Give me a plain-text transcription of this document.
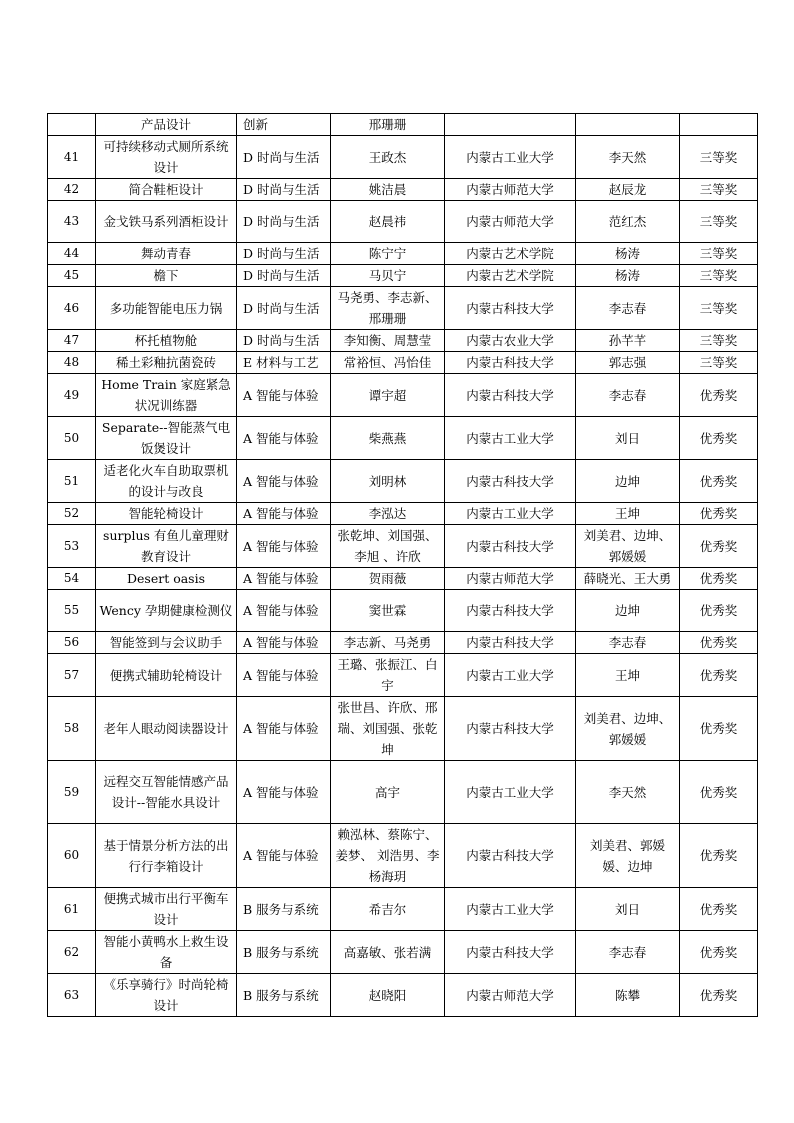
	产品设计	创新	邢珊珊			
41	可持续移动式厕所系统设计	D 时尚与生活	王政杰	内蒙古工业大学	李天然	三等奖
42	简合鞋柜设计	D 时尚与生活	姚洁晨	内蒙古师范大学	赵辰龙	三等奖
43	金戈铁马系列酒柜设计	D 时尚与生活	赵晨祎	内蒙古师范大学	范红杰	三等奖
44	舞动青春	D 时尚与生活	陈宁宁	内蒙古艺术学院	杨涛	三等奖
45	檐下	D 时尚与生活	马贝宁	内蒙古艺术学院	杨涛	三等奖
46	多功能智能电压力锅	D 时尚与生活	马尧勇、李志新、邢珊珊	内蒙古科技大学	李志春	三等奖
47	杯托植物舱	D 时尚与生活	李知衡、周慧莹	内蒙古农业大学	孙芊芊	三等奖
48	稀土彩釉抗菌瓷砖	E 材料与工艺	常裕恒、冯怡佳	内蒙古科技大学	郭志强	三等奖
49	Home Train 家庭紧急状况训练器	A 智能与体验	谭宇超	内蒙古科技大学	李志春	优秀奖
50	Separate--智能蒸气电饭煲设计	A 智能与体验	柴燕燕	内蒙古工业大学	刘日	优秀奖
51	适老化火车自助取票机的设计与改良	A 智能与体验	刘明林	内蒙古科技大学	边坤	优秀奖
52	智能轮椅设计	A 智能与体验	李泓达	内蒙古工业大学	王坤	优秀奖
53	surplus 有鱼儿童理财教育设计	A 智能与体验	张乾坤、刘国强、李旭 、许欣	内蒙古科技大学	刘美君、边坤、郭媛媛	优秀奖
54	Desert oasis	A 智能与体验	贺雨薇	内蒙古师范大学	薛晓光、王大勇	优秀奖
55	Wency 孕期健康检测仪	A 智能与体验	窦世霖	内蒙古科技大学	边坤	优秀奖
56	智能签到与会议助手	A 智能与体验	李志新、马尧勇	内蒙古科技大学	李志春	优秀奖
57	便携式辅助轮椅设计	A 智能与体验	王璐、张振江、白宇	内蒙古工业大学	王坤	优秀奖
58	老年人眼动阅读器设计	A 智能与体验	张世昌、许欣、邢瑞、刘国强、张乾坤	内蒙古科技大学	刘美君、边坤、郭媛媛	优秀奖
59	远程交互智能情感产品设计--智能水具设计	A 智能与体验	高宇	内蒙古工业大学	李天然	优秀奖
60	基于情景分析方法的出行行李箱设计	A 智能与体验	赖泓林、蔡陈宁、姜梦、 刘浩男、李杨海玥	内蒙古科技大学	刘美君、郭媛媛、边坤	优秀奖
61	便携式城市出行平衡车设计	B 服务与系统	希吉尔	内蒙古工业大学	刘日	优秀奖
62	智能小黄鸭水上救生设备	B 服务与系统	高嘉敏、张若满	内蒙古科技大学	李志春	优秀奖
63	《乐享骑行》时尚轮椅设计	B 服务与系统	赵晓阳	内蒙古师范大学	陈攀	优秀奖
